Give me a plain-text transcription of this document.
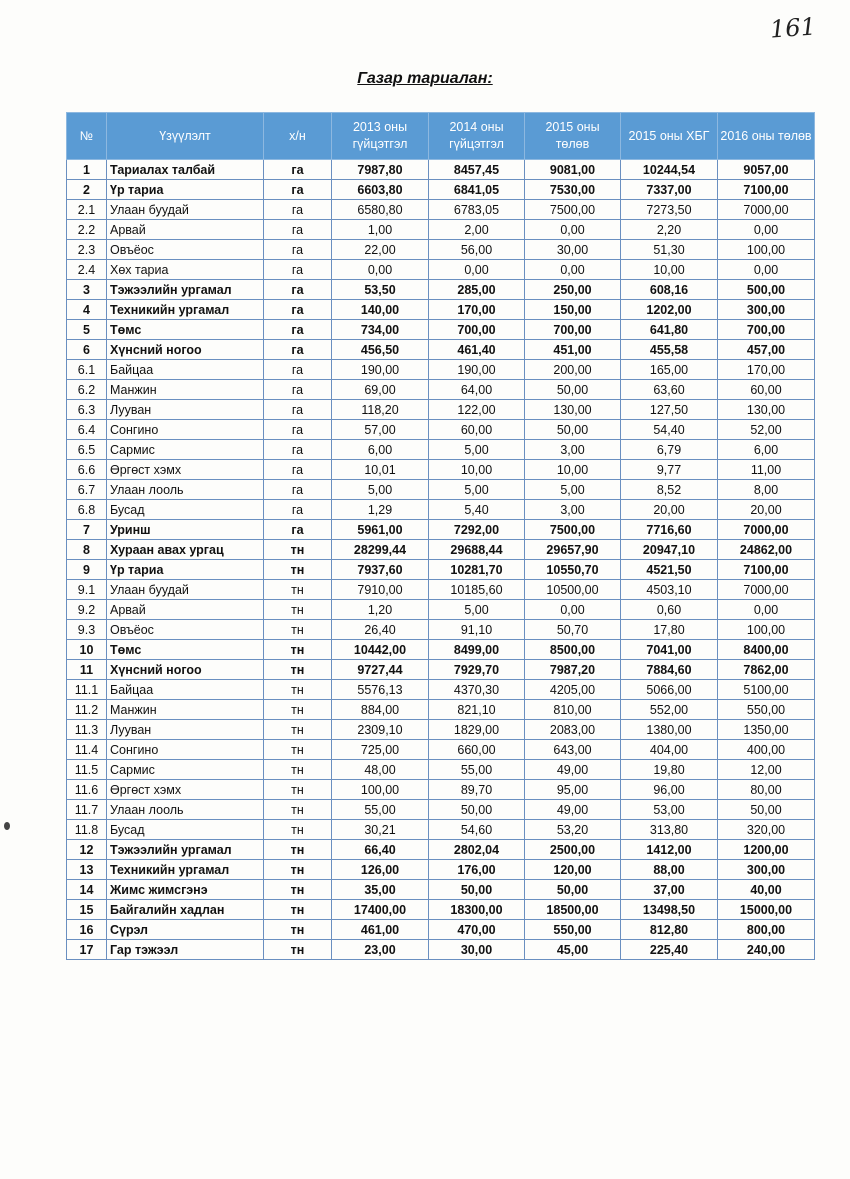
161
Газар тариалан:
№	Үзүүлэлт	х/н	2013 оны гүйцэтгэл	2014 оны гүйцэтгэл	2015 оны төлөв	2015 оны ХБГ	2016 оны төлөв
1	Тариалах талбай	га	7987,80	8457,45	9081,00	10244,54	9057,00
2	Үр тариа	га	6603,80	6841,05	7530,00	7337,00	7100,00
2.1	Улаан буудай	га	6580,80	6783,05	7500,00	7273,50	7000,00
2.2	Арвай	га	1,00	2,00	0,00	2,20	0,00
2.3	Овъёос	га	22,00	56,00	30,00	51,30	100,00
2.4	Хөх тариа	га	0,00	0,00	0,00	10,00	0,00
3	Тэжээлийн ургамал	га	53,50	285,00	250,00	608,16	500,00
4	Техникийн ургамал	га	140,00	170,00	150,00	1202,00	300,00
5	Төмс	га	734,00	700,00	700,00	641,80	700,00
6	Хүнсний ногоо	га	456,50	461,40	451,00	455,58	457,00
6.1	Байцаа	га	190,00	190,00	200,00	165,00	170,00
6.2	Манжин	га	69,00	64,00	50,00	63,60	60,00
6.3	Лууван	га	118,20	122,00	130,00	127,50	130,00
6.4	Сонгино	га	57,00	60,00	50,00	54,40	52,00
6.5	Сармис	га	6,00	5,00	3,00	6,79	6,00
6.6	Өргөст хэмх	га	10,01	10,00	10,00	9,77	11,00
6.7	Улаан лооль	га	5,00	5,00	5,00	8,52	8,00
6.8	Бусад	га	1,29	5,40	3,00	20,00	20,00
7	Уринш	га	5961,00	7292,00	7500,00	7716,60	7000,00
8	Хураан авах ургац	тн	28299,44	29688,44	29657,90	20947,10	24862,00
9	Үр тариа	тн	7937,60	10281,70	10550,70	4521,50	7100,00
9.1	Улаан буудай	тн	7910,00	10185,60	10500,00	4503,10	7000,00
9.2	Арвай	тн	1,20	5,00	0,00	0,60	0,00
9.3	Овъёос	тн	26,40	91,10	50,70	17,80	100,00
10	Төмс	тн	10442,00	8499,00	8500,00	7041,00	8400,00
11	Хүнсний ногоо	тн	9727,44	7929,70	7987,20	7884,60	7862,00
11.1	Байцаа	тн	5576,13	4370,30	4205,00	5066,00	5100,00
11.2	Манжин	тн	884,00	821,10	810,00	552,00	550,00
11.3	Лууван	тн	2309,10	1829,00	2083,00	1380,00	1350,00
11.4	Сонгино	тн	725,00	660,00	643,00	404,00	400,00
11.5	Сармис	тн	48,00	55,00	49,00	19,80	12,00
11.6	Өргөст хэмх	тн	100,00	89,70	95,00	96,00	80,00
11.7	Улаан лооль	тн	55,00	50,00	49,00	53,00	50,00
11.8	Бусад	тн	30,21	54,60	53,20	313,80	320,00
12	Тэжээлийн ургамал	тн	66,40	2802,04	2500,00	1412,00	1200,00
13	Техникийн ургамал	тн	126,00	176,00	120,00	88,00	300,00
14	Жимс жимсгэнэ	тн	35,00	50,00	50,00	37,00	40,00
15	Байгалийн хадлан	тн	17400,00	18300,00	18500,00	13498,50	15000,00
16	Сүрэл	тн	461,00	470,00	550,00	812,80	800,00
17	Гар тэжээл	тн	23,00	30,00	45,00	225,40	240,00
